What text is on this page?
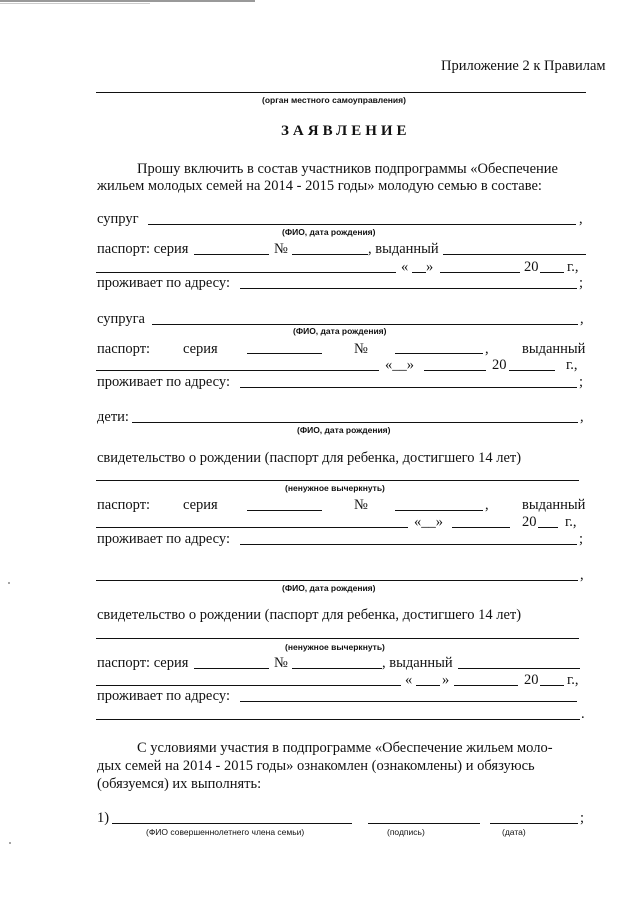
Приложение 2 к Правилам
(орган местного самоуправления)
ЗАЯВЛЕНИЕ
Прошу включить в состав участников подпрограммы «Обеспечение
жильем молодых семей на 2014 - 2015 годы» молодую семью в составе:
супруг	,
(ФИО, дата рождения)
паспорт: серия	№	, выданный
« »	20 г.,
проживает по адресу:	;
супруга	,
(ФИО, дата рождения)
паспорт: серия	№	, выданный
«__»	20	г.,
проживает по адресу:	;
дети:	,
(ФИО, дата рождения)
свидетельство о рождении (паспорт для ребенка, достигшего 14 лет)
(ненужное вычеркнуть)
паспорт: серия	№	, выданный
«__»	20 г.,
проживает по адресу:	;
,
(ФИО, дата рождения)
свидетельство о рождении (паспорт для ребенка, достигшего 14 лет)
(ненужное вычеркнуть)
паспорт: серия	№	, выданный
« »	20 г.,
проживает по адресу:
.
С условиями участия в подпрограмме «Обеспечение жильем моло-
дых семей на 2014 - 2015 годы» ознакомлен (ознакомлены) и обязуюсь
(обязуемся) их выполнять:
1)	;
(ФИО совершеннолетнего члена семьи)	(подпись)	(дата)
